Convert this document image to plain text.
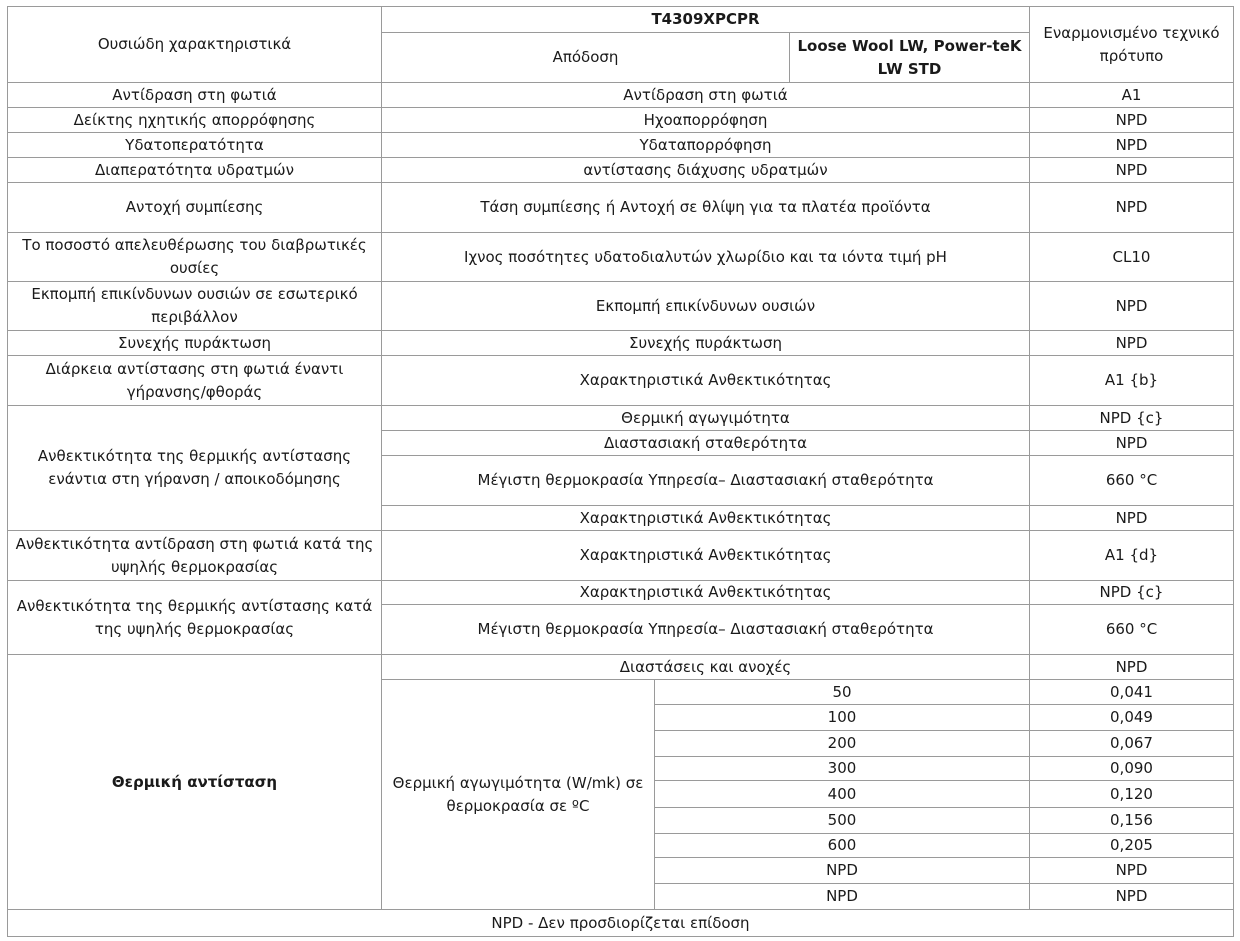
Ουσιώδη χαρακτηριστικά	T4309XPCPR			Εναρμονισμένο τεχνικό πρότυπο	
	Απόδοση		Loose Wool LW, Power-teK LW STD		
Αντίδραση στη φωτιά	Αντίδραση στη φωτιά			A1	
Δείκτης ηχητικής απορρόφησης	Ηχοαπορρόφηση			NPD	
Υδατοπερατότητα	Υδαταπορρόφηση			NPD	
Διαπερατότητα υδρατμών	αντίστασης διάχυσης υδρατμών			NPD	
Αντοχή συμπίεσης	Τάση συμπίεσης ή Αντοχή σε θλίψη για τα πλατέα προϊόντα			NPD	
Το ποσοστό απελευθέρωσης του διαβρωτικές ουσίες	Ιχνος ποσότητες υδατοδιαλυτών χλωρίδιο και τα ιόντα τιμή pH			CL10	
Εκπομπή επικίνδυνων ουσιών σε εσωτερικό περιβάλλον	Εκπομπή επικίνδυνων ουσιών			NPD	
Συνεχής πυράκτωση	Συνεχής πυράκτωση			NPD	
Διάρκεια αντίστασης στη φωτιά έναντι γήρανσης/φθοράς	Χαρακτηριστικά Ανθεκτικότητας			A1 {b}	
Ανθεκτικότητα της θερμικής αντίστασης ενάντια στη γήρανση / αποικοδόμησης	Θερμική αγωγιμότητα			NPD {c}	
	Διαστασιακή σταθερότητα			NPD	
	Μέγιστη θερμοκρασία Υπηρεσία– Διαστασιακή σταθερότητα			660 °C	
	Χαρακτηριστικά Ανθεκτικότητας			NPD	
Ανθεκτικότητα αντίδραση στη φωτιά κατά της υψηλής θερμοκρασίας	Χαρακτηριστικά Ανθεκτικότητας			A1 {d}	
Ανθεκτικότητα της θερμικής αντίστασης κατά της υψηλής θερμοκρασίας	Χαρακτηριστικά Ανθεκτικότητας			NPD {c}	
	Μέγιστη θερμοκρασία Υπηρεσία– Διαστασιακή σταθερότητα			660 °C	
Θερμική αντίσταση	Διαστάσεις και ανοχές			NPD	
	Θερμική αγωγιμότητα (W/mk) σε θερμοκρασία σε ºC	50		0,041	
		100		0,049	
		200		0,067	
		300		0,090	
		400		0,120	
		500		0,156	
		600		0,205	
		NPD		NPD	
		NPD		NPD	
NPD - Δεν προσδιορίζεται επίδοση					
